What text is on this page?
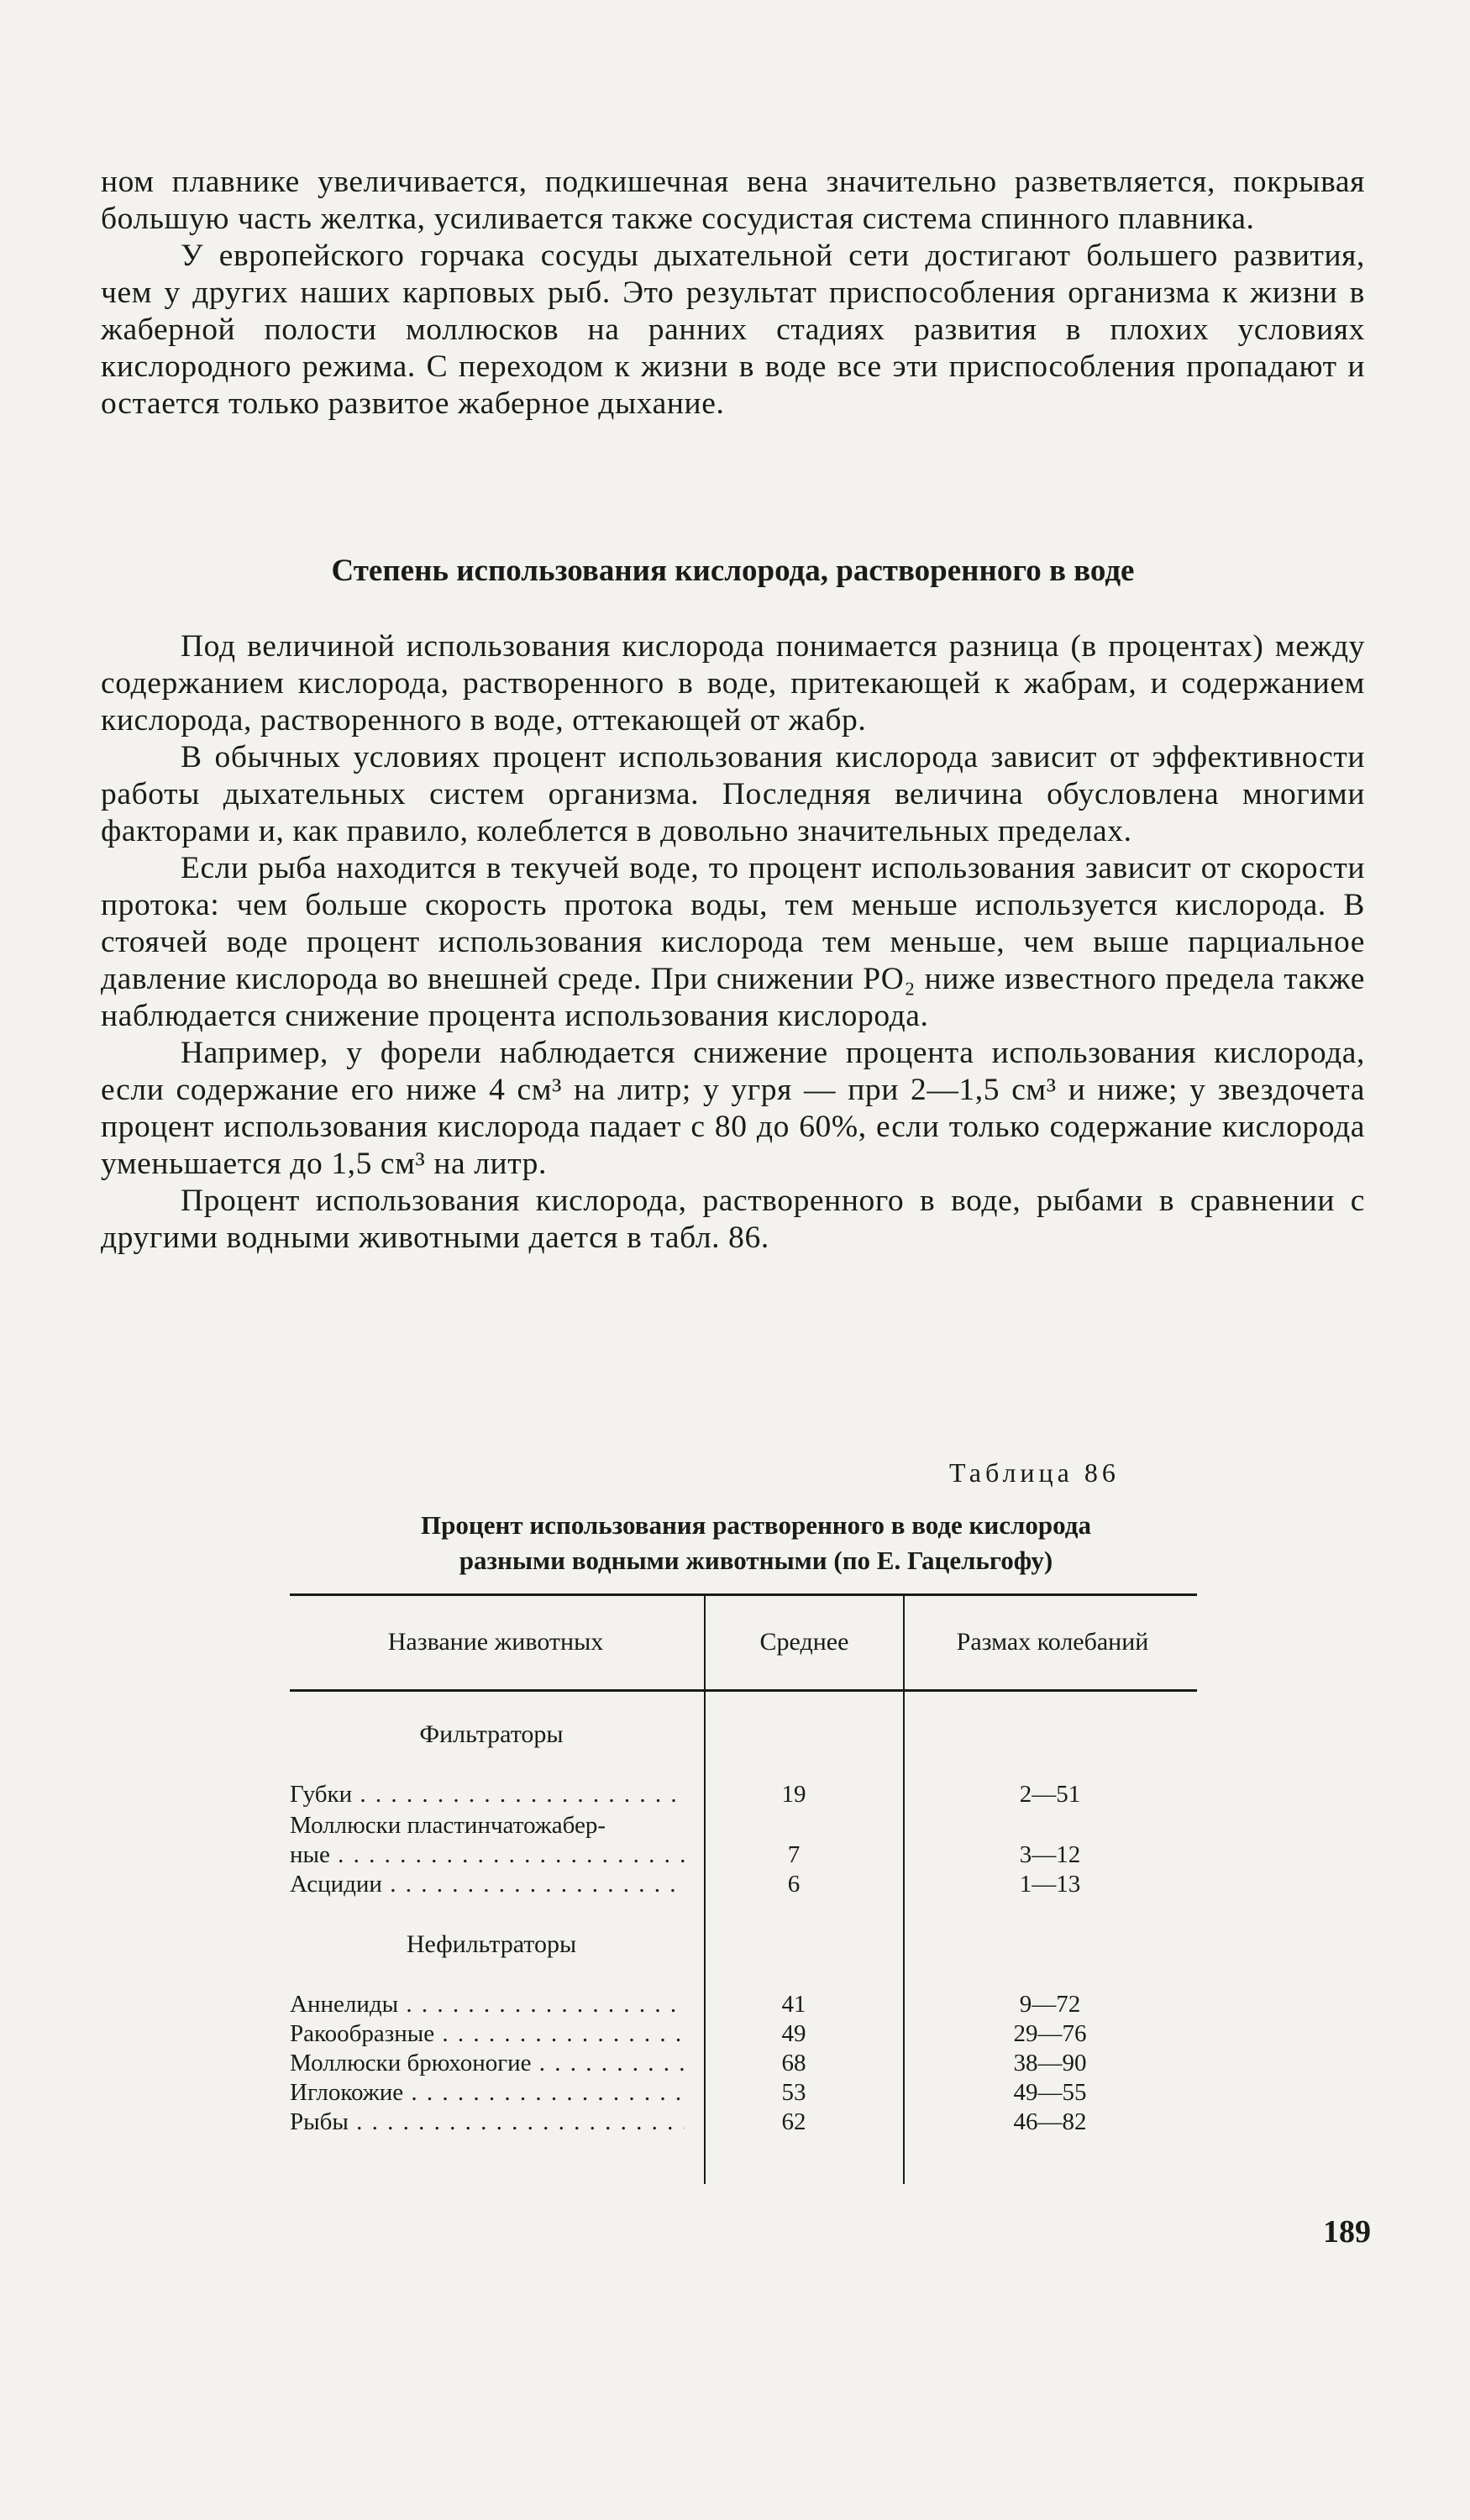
ном плавнике увеличивается, подкишечная вена значительно разветвляется, покрывая большую часть желтка, усиливается также сосудистая система спинного плавника.

У европейского горчака сосуды дыхательной сети достигают большего развития, чем у других наших карповых рыб. Это результат приспособления организма к жизни в жаберной полости моллюсков на ранних стадиях развития в плохих условиях кислородного режима. С переходом к жизни в воде все эти приспособления пропадают и остается только развитое жаберное дыхание.

Степень использования кислорода, растворенного в воде

Под величиной использования кислорода понимается разница (в процентах) между содержанием кислорода, растворенного в воде, притекающей к жабрам, и содержанием кислорода, растворенного в воде, оттекающей от жабр.

В обычных условиях процент использования кислорода зависит от эффективности работы дыхательных систем организма. Последняя величина обусловлена многими факторами и, как правило, колеблется в довольно значительных пределах.

Если рыба находится в текучей воде, то процент использования зависит от скорости протока: чем больше скорость протока воды, тем меньше используется кислорода. В стоячей воде процент использования кислорода тем меньше, чем выше парциальное давление кислорода во внешней среде. При снижении PO₂ ниже известного предела также наблюдается снижение процента использования кислорода.

Например, у форели наблюдается снижение процента использования кислорода, если содержание его ниже 4 см³ на литр; у угря — при 2—1,5 см³ и ниже; у звездочета процент использования кислорода падает с 80 до 60%, если только содержание кислорода уменьшается до 1,5 см³ на литр.

Процент использования кислорода, растворенного в воде, рыбами в сравнении с другими водными животными дается в табл. 86.

Таблица 86
Процент использования растворенного в воде кислорода
разными водными животными (по Е. Гацельгофу)
Название животных	Среднее	Размах колебаний
Фильтраторы
Губки . . .	19	2—51
Моллюски пластинчатожабер-
ные . . .	7	3—12
Асцидии . . .	6	1—13
Нефильтраторы
Аннелиды . . .	41	9—72
Ракообразные . . .	49	29—76
Моллюски брюхоногие . . .	68	38—90
Иглокожие . . .	53	49—55
Рыбы . . .	62	46—82
189
